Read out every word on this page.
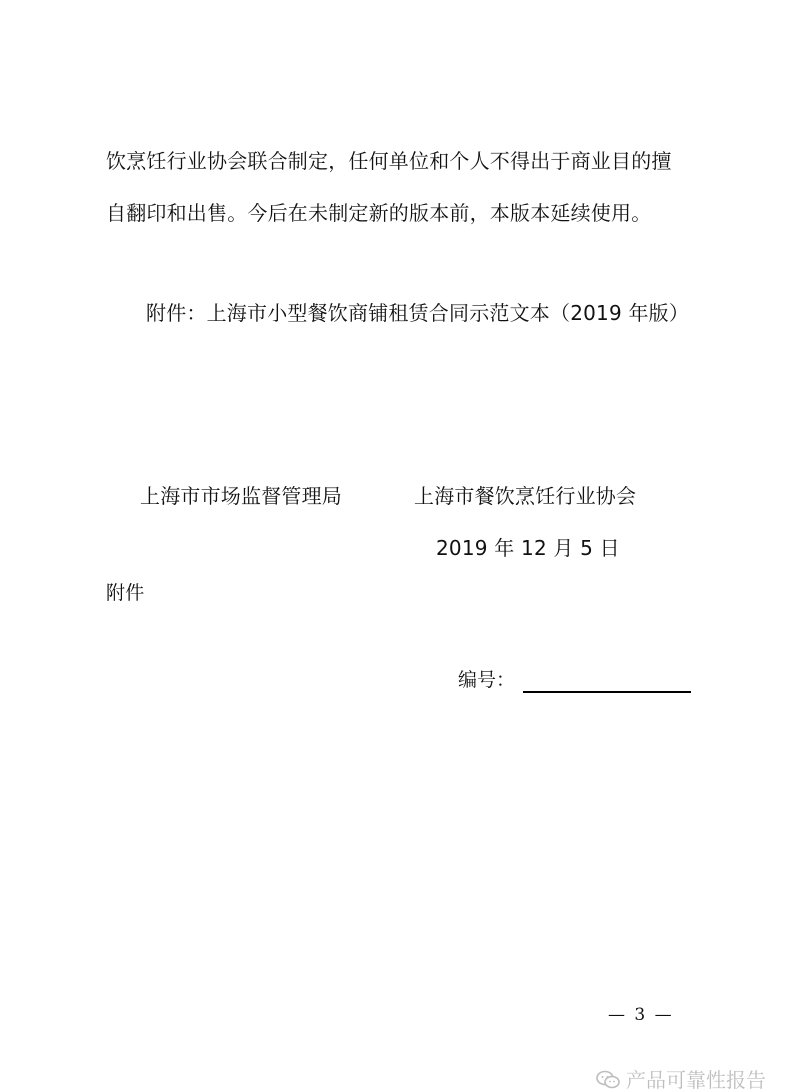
饮烹饪行业协会联合制定，任何单位和个人不得出于商业目的擅
自翻印和出售。今后在未制定新的版本前，本版本延续使用。
附件：上海市小型餐饮商铺租赁合同示范文本（2019 年版）
上海市市场监督管理局	上海市餐饮烹饪行业协会
2019 年 12 月 5 日
附件
编号：
— 3 —
产品可靠性报告
